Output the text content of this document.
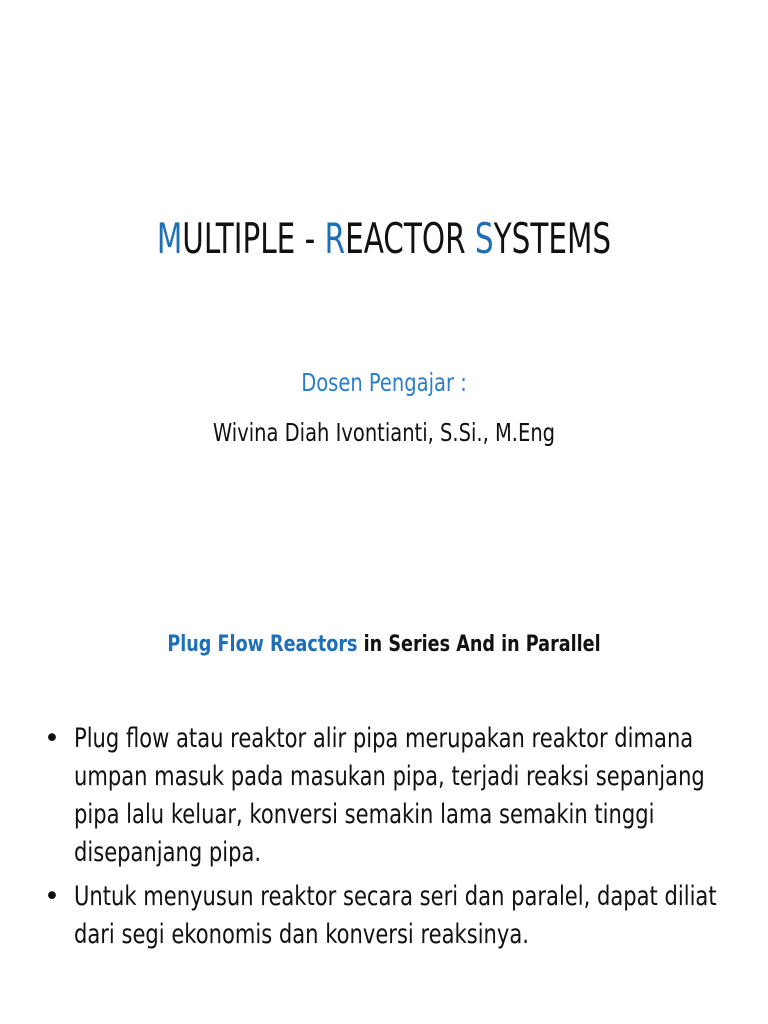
MULTIPLE - REACTOR SYSTEMS
Dosen Pengajar :
Wivina Diah Ivontianti, S.Si., M.Eng
Plug Flow Reactors in Series And in Parallel
• Plug flow atau reaktor alir pipa merupakan reaktor dimana umpan masuk pada masukan pipa, terjadi reaksi sepanjang pipa lalu keluar, konversi semakin lama semakin tinggi disepanjang pipa.
• Untuk menyusun reaktor secara seri dan paralel, dapat diliat dari segi ekonomis dan konversi reaksinya.
